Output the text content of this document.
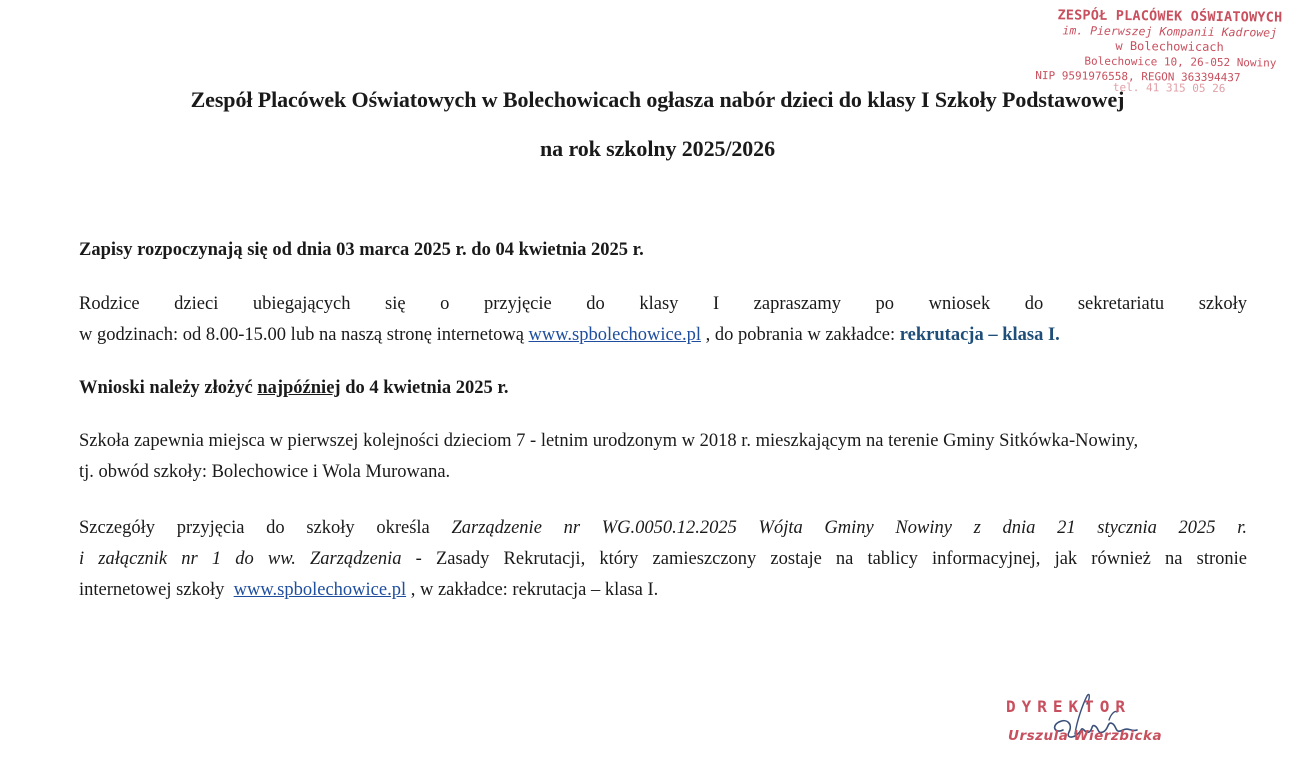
ZESPÓŁ PLACÓWEK OŚWIATOWYCH
im. Pierwszej Kompanii Kadrowej
w Bolechowicach
Bolechowice 10, 26-052 Nowiny
NIP 9591976558, REGON 363394437
tel. 41 315 05 26
Zespół Placówek Oświatowych w Bolechowicach ogłasza nabór dzieci do klasy I Szkoły Podstawowej
na rok szkolny 2025/2026
Zapisy rozpoczynają się od dnia 03 marca 2025 r. do 04 kwietnia 2025 r.
Rodzice dzieci ubiegających się o przyjęcie do klasy I zapraszamy po wniosek do sekretariatu szkoły
w godzinach: od 8.00-15.00 lub na naszą stronę internetową www.spbolechowice.pl , do pobrania w zakładce: rekrutacja – klasa I.
Wnioski należy złożyć najpóźniej do 4 kwietnia 2025 r.
Szkoła zapewnia miejsca w pierwszej kolejności dzieciom 7 - letnim urodzonym w 2018 r. mieszkającym na terenie Gminy Sitkówka-Nowiny,
tj. obwód szkoły: Bolechowice i Wola Murowana.
Szczegóły przyjęcia do szkoły określa Zarządzenie nr WG.0050.12.2025 Wójta Gminy Nowiny z dnia 21 stycznia 2025 r.
i załącznik nr 1 do ww. Zarządzenia - Zasady Rekrutacji, który zamieszczony zostaje na tablicy informacyjnej, jak również na stronie
internetowej szkoły www.spbolechowice.pl , w zakładce: rekrutacja – klasa I.
DYREKTOR
Urszula Wierzbicka
